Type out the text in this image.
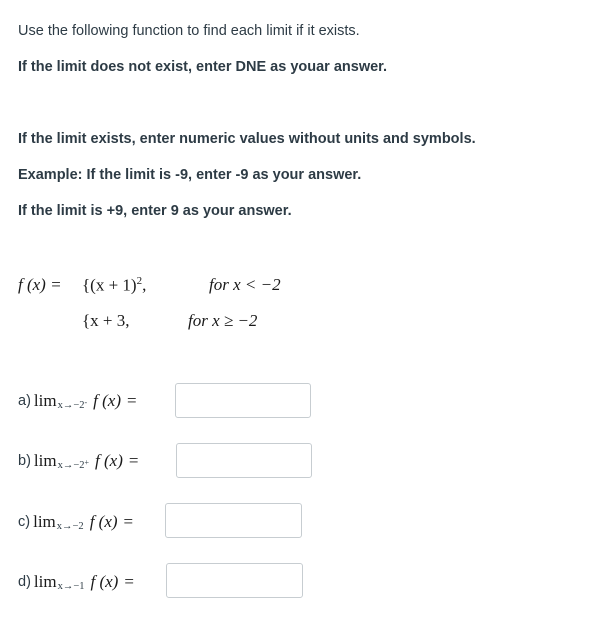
Use the following function to find each limit if it exists.
If the limit does not exist, enter DNE as youar answer.
If the limit exists, enter numeric values without units and symbols.
Example: If the limit is -9, enter -9 as your answer.
If the limit is +9, enter 9 as your answer.
f $(x) = \{(x + 1)^2$,	for x < −2
{x + 3,	for x ≥ −2
a) lim x→−2- f (x) =
b) lim x→−2+ f (x) =
c) lim x→−2 f (x) =
d) lim x→−1 f (x) =
